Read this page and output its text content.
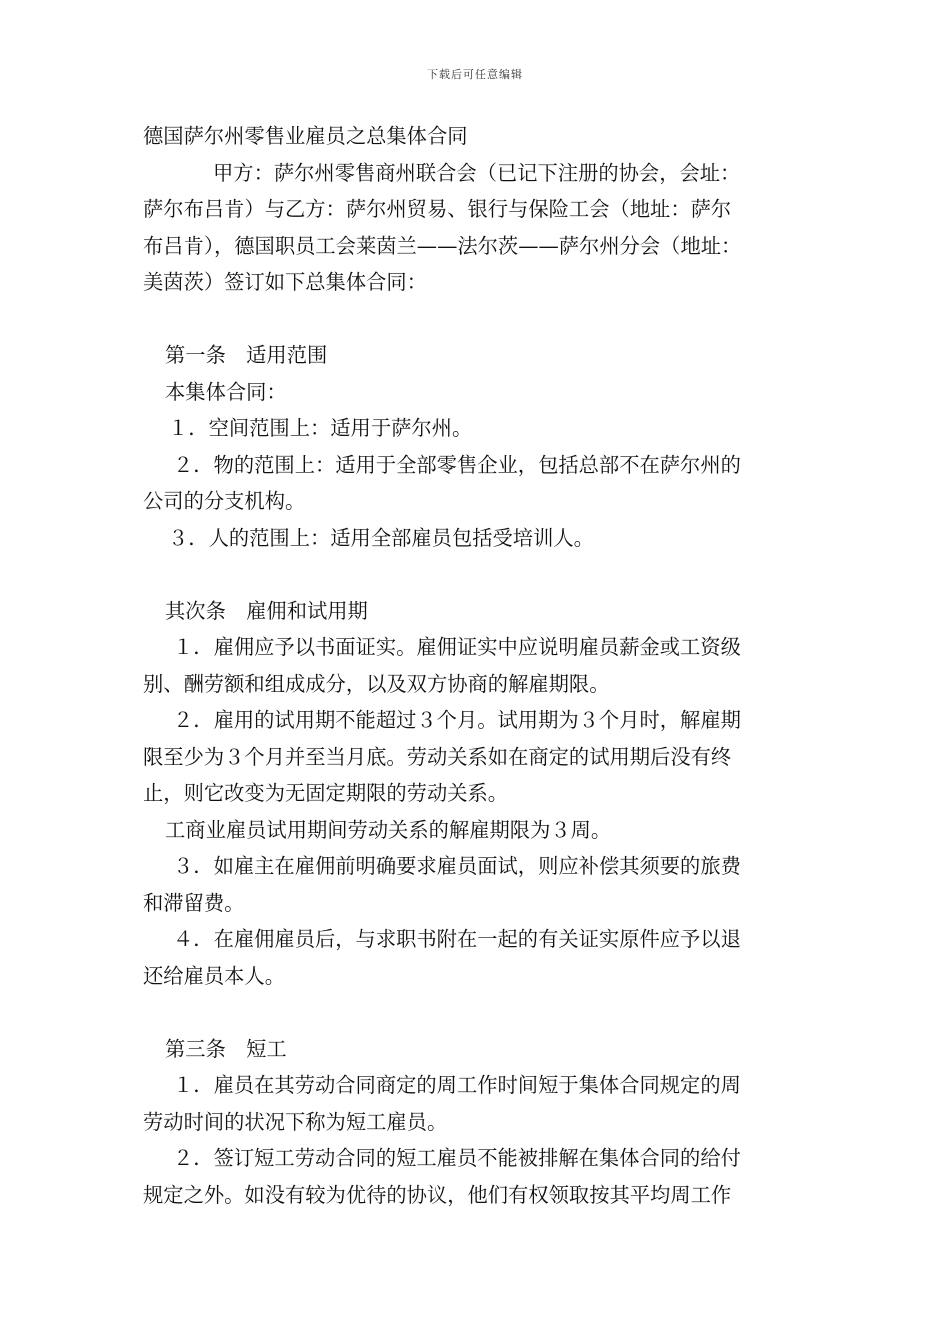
下载后可任意编辑
德国萨尔州零售业雇员之总集体合同
甲方：萨尔州零售商州联合会（已记下注册的协会，会址：
萨尔布吕肯）与乙方：萨尔州贸易、银行与保险工会（地址：萨尔
布吕肯），德国职员工会莱茵兰——法尔茨——萨尔州分会（地址：
美茵茨）签订如下总集体合同：
第一条　适用范围
本集体合同：
１．空间范围上：适用于萨尔州。
２．物的范围上：适用于全部零售企业，包括总部不在萨尔州的
公司的分支机构。
３．人的范围上：适用全部雇员包括受培训人。
其次条　雇佣和试用期
１．雇佣应予以书面证实。雇佣证实中应说明雇员薪金或工资级
别、酬劳额和组成成分，以及双方协商的解雇期限。
２．雇用的试用期不能超过３个月。试用期为３个月时，解雇期
限至少为３个月并至当月底。劳动关系如在商定的试用期后没有终
止，则它改变为无固定期限的劳动关系。
工商业雇员试用期间劳动关系的解雇期限为３周。
３．如雇主在雇佣前明确要求雇员面试，则应补偿其须要的旅费
和滞留费。
４．在雇佣雇员后，与求职书附在一起的有关证实原件应予以退
还给雇员本人。
第三条　短工
１．雇员在其劳动合同商定的周工作时间短于集体合同规定的周
劳动时间的状况下称为短工雇员。
２．签订短工劳动合同的短工雇员不能被排解在集体合同的给付
规定之外。如没有较为优待的协议，他们有权领取按其平均周工作
